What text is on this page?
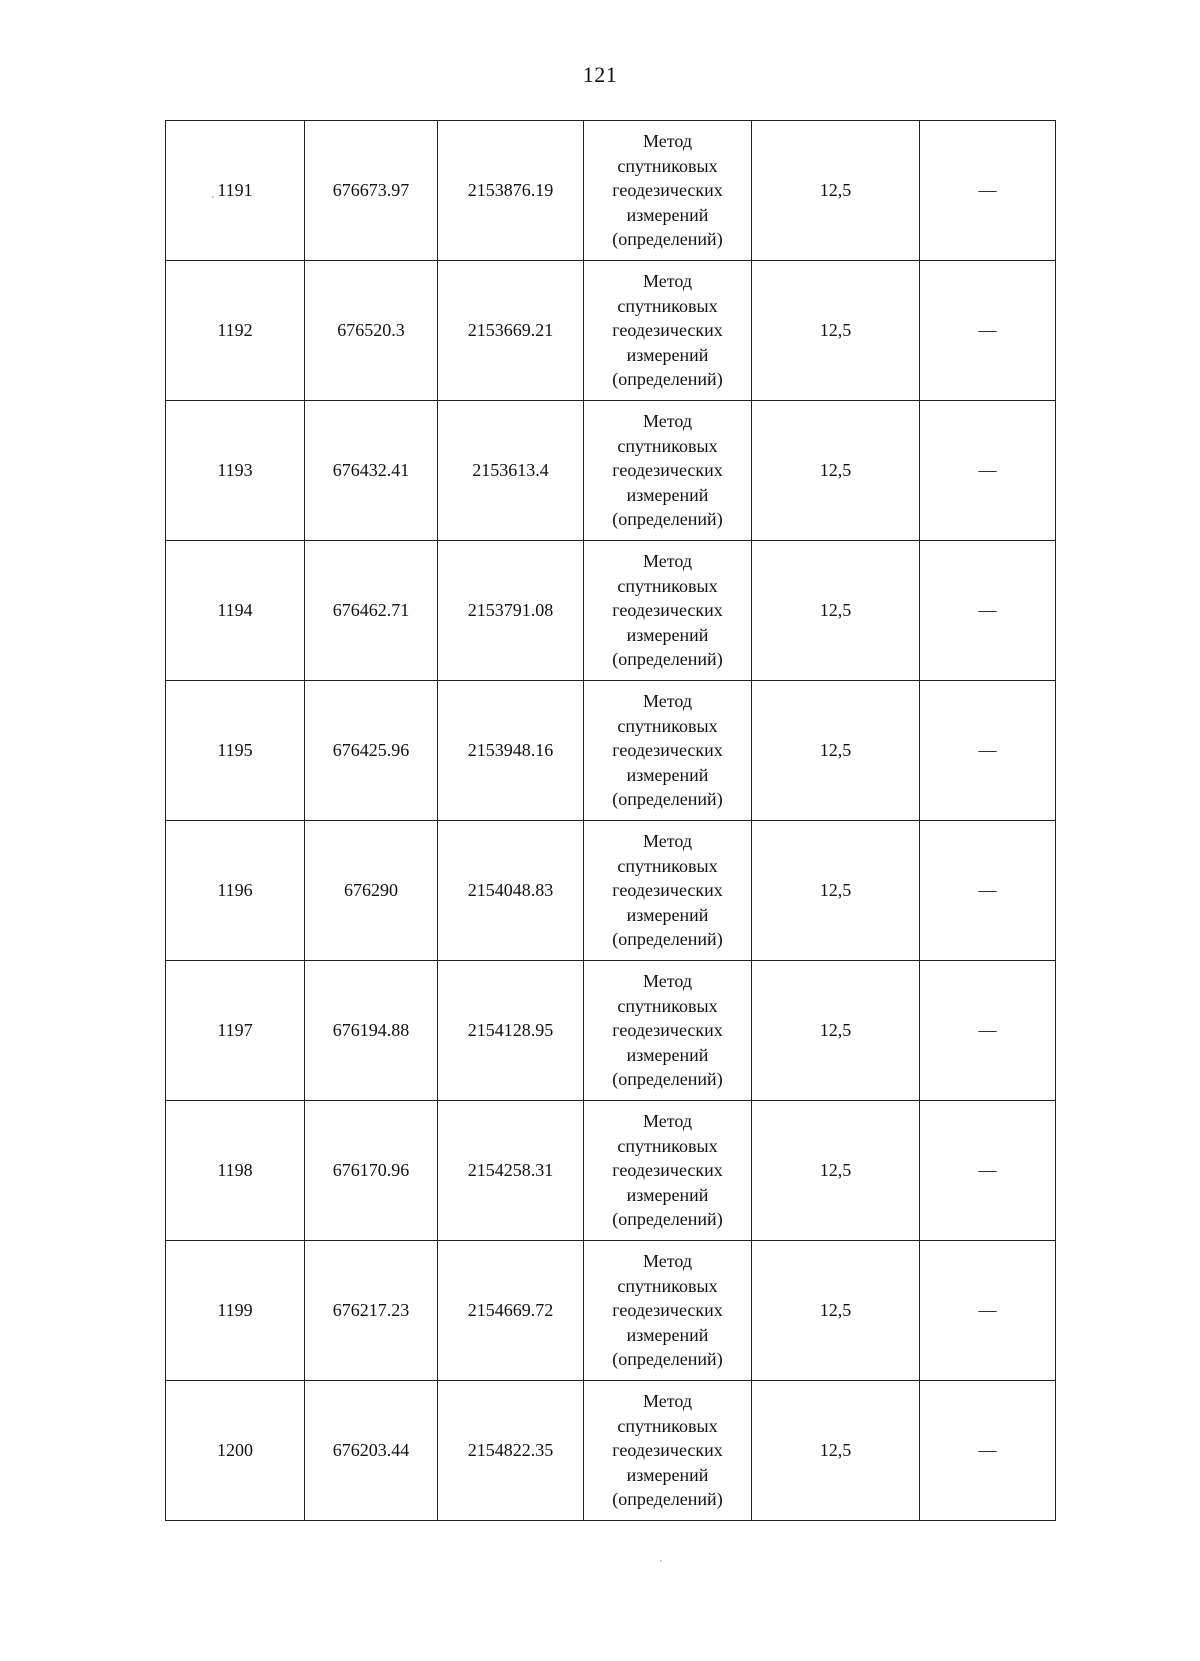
121
1191	676673.97	2153876.19	Метод
спутниковых
геодезических
измерений
(определений)	12,5	—
1192	676520.3	2153669.21	Метод
спутниковых
геодезических
измерений
(определений)	12,5	—
1193	676432.41	2153613.4	Метод
спутниковых
геодезических
измерений
(определений)	12,5	—
1194	676462.71	2153791.08	Метод
спутниковых
геодезических
измерений
(определений)	12,5	—
1195	676425.96	2153948.16	Метод
спутниковых
геодезических
измерений
(определений)	12,5	—
1196	676290	2154048.83	Метод
спутниковых
геодезических
измерений
(определений)	12,5	—
1197	676194.88	2154128.95	Метод
спутниковых
геодезических
измерений
(определений)	12,5	—
1198	676170.96	2154258.31	Метод
спутниковых
геодезических
измерений
(определений)	12,5	—
1199	676217.23	2154669.72	Метод
спутниковых
геодезических
измерений
(определений)	12,5	—
1200	676203.44	2154822.35	Метод
спутниковых
геодезических
измерений
(определений)	12,5	—
